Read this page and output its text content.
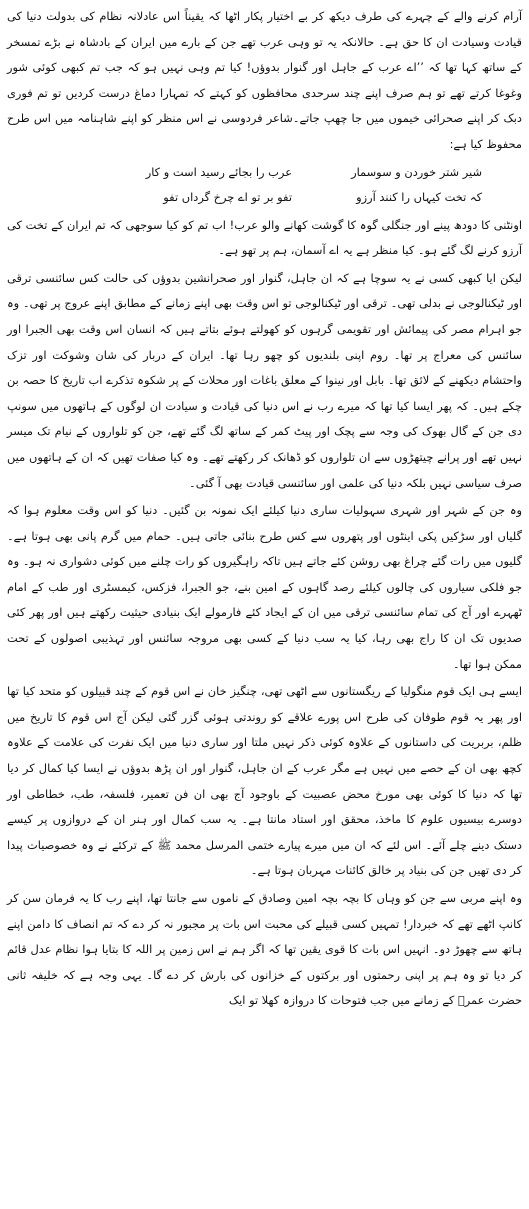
آرام کرنے والے کے چہرے کی طرف دیکھ کر بے اختیار پکار اٹھا کہ یقیناً اس عادلانہ نظام کی بدولت دنیا کی قیادت وسیادت ان کا حق ہے۔ حالانکہ یہ تو وہی عرب تھے جن کے بارے میں ایران کے بادشاہ نے بڑے تمسخر کے ساتھ کہا تھا کہ ’’اے عرب کے جاہل اور گنوار بدوؤں! کیا تم وہی نہیں ہو کہ جب تم کبھی کوئی شور وغوغا کرتے تھے تو ہم صرف اپنے چند سرحدی محافظوں کو کہتے کہ تمہارا دماغ درست کردیں تو تم فوری دبک کر اپنے صحرائی خیموں میں جا چھپ جاتے۔شاعر فردوسی نے اس منظر کو اپنے شاہنامہ میں اس طرح محفوظ کیا ہے:

شیر شتر خوردن و سوسمار
عرب را بجائے رسید است و کار
کہ تخت کیہاں را کنند آرزو
تفو بر تو اے چرخ گرداں تفو

اونٹنی کا دودھ پینے اور جنگلی گوہ کا گوشت کھانے والو عرب! اب تم کو کیا سوجھی کہ تم ایران کے تخت کی آرزو کرنے لگ گئے ہو۔ کیا منظر ہے یہ اے آسمان، ہم پر تھو ہے۔

لیکن ایا کبھی کسی نے یہ سوچا ہے کہ ان جاہل، گنوار اور صحرانشین بدوؤں کی حالت کس سائنسی ترقی اور ٹیکنالوجی نے بدلی تھی۔ ترقی اور ٹیکنالوجی تو اس وقت بھی اپنے زمانے کے مطابق اپنے عروج پر تھی۔ وہ جو اہرام مصر کی پیمائش اور تقویمی گرہوں کو کھولتے ہوئے بتاتے ہیں کہ انسان اس وقت بھی الجبرا اور سائنس کی معراج پر تھا۔ روم اپنی بلندیوں کو چھو رہا تھا۔ ایران کے دربار کی شان وشوکت اور تزک واحتشام دیکھنے کے لائق تھا۔ بابل اور نینوا کے معلق باغات اور محلات کے پر شکوہ تذکرے اب تاریخ کا حصہ بن چکے ہیں۔ کہ پھر ایسا کیا تھا کہ میرے رب نے اس دنیا کی قیادت و سیادت ان لوگوں کے ہاتھوں میں سونپ دی جن کے گال بھوک کی وجہ سے پچک اور پیٹ کمر کے ساتھ لگ گئے تھے، جن کو تلواروں کے نیام تک میسر نہیں تھے اور پرانے چیتھڑوں سے ان تلواروں کو ڈھانک کر رکھتے تھے۔ وہ کیا صفات تھیں کہ ان کے ہاتھوں میں صرف سیاسی نہیں بلکہ دنیا کی علمی اور سائنسی قیادت بھی آ گئی۔

وہ جن کے شہر اور شہری سہولیات ساری دنیا کیلئے ایک نمونہ بن گئیں۔ دنیا کو اس وقت معلوم ہوا کہ گلیاں اور سڑکیں پکی اینٹوں اور پتھروں سے کس طرح بنائی جاتی ہیں۔ حمام میں گرم پانی بھی ہوتا ہے۔ گلیوں میں رات گئے چراغ بھی روشن کئے جاتے ہیں تاکہ راہگیروں کو رات چلنے میں کوئی دشواری نہ ہو۔ وہ جو فلکی سیاروں کی چالوں کیلئے رصد گاہوں کے امین بنے، جو الجبرا، فزکس، کیمسٹری اور طب کے امام ٹھہرے اور آج کی تمام سائنسی ترقی میں ان کے ایجاد کئے فارمولے ایک بنیادی حیثیت رکھتے ہیں اور پھر کئی صدیوں تک ان کا راج بھی رہا، کیا یہ سب دنیا کے کسی بھی مروجہ سائنس اور تہذیبی اصولوں کے تحت ممکن ہوا تھا۔

ایسے ہی ایک قوم منگولیا کے ریگستانوں سے اٹھی تھی، چنگیز خان نے اس قوم کے چند قبیلوں کو متحد کیا تھا اور پھر یہ قوم طوفان کی طرح اس پورے علاقے کو روندتی ہوئی گزر گئی لیکن آج اس قوم کا تاریخ میں ظلم، بربریت کی داستانوں کے علاوہ کوئی ذکر نہیں ملتا اور ساری دنیا میں ایک نفرت کی علامت کے علاوہ کچھ بھی ان کے حصے میں نہیں ہے مگر عرب کے ان جاہل، گنوار اور ان پڑھ بدوؤں نے ایسا کیا کمال کر دیا تھا کہ دنیا کا کوئی بھی مورخ محض عصبیت کے باوجود آج بھی ان فن تعمیر، فلسفہ، طب، خطاطی اور دوسرے بیسیوں علوم کا ماخذ، محقق اور استاد مانتا ہے۔ یہ سب کمال اور ہنر ان کے دروازوں پر کیسے دستک دینے چلے آئے۔ اس لئے کہ ان میں میرے پیارے ختمی المرسل محمد ﷺ کے ترکئے نے وہ خصوصیات پیدا کر دی تھیں جن کی بنیاد پر خالق کائنات مہربان ہوتا ہے۔

وہ اپنے مربی سے جن کو وہاں کا بچہ بچہ امین وصادق کے ناموں سے جانتا تھا، اپنے رب کا یہ فرمان سن کر کانپ اٹھے تھے کہ خبردار! تمہیں کسی قبیلے کی محبت اس بات پر مجبور نہ کر دے کہ تم انصاف کا دامن اپنے ہاتھ سے چھوڑ دو۔ انہیں اس بات کا قوی یقین تھا کہ اگر ہم نے اس زمین پر اللہ کا بتایا ہوا نظام عدل قائم کر دیا تو وہ ہم پر اپنی رحمتوں اور برکتوں کے خزانوں کی بارش کر دے گا۔ یہی وجہ ہے کہ خلیفہ ثانی حضرت عمرؓ کے زمانے میں جب فتوحات کا دروازہ کھلا تو ایک
